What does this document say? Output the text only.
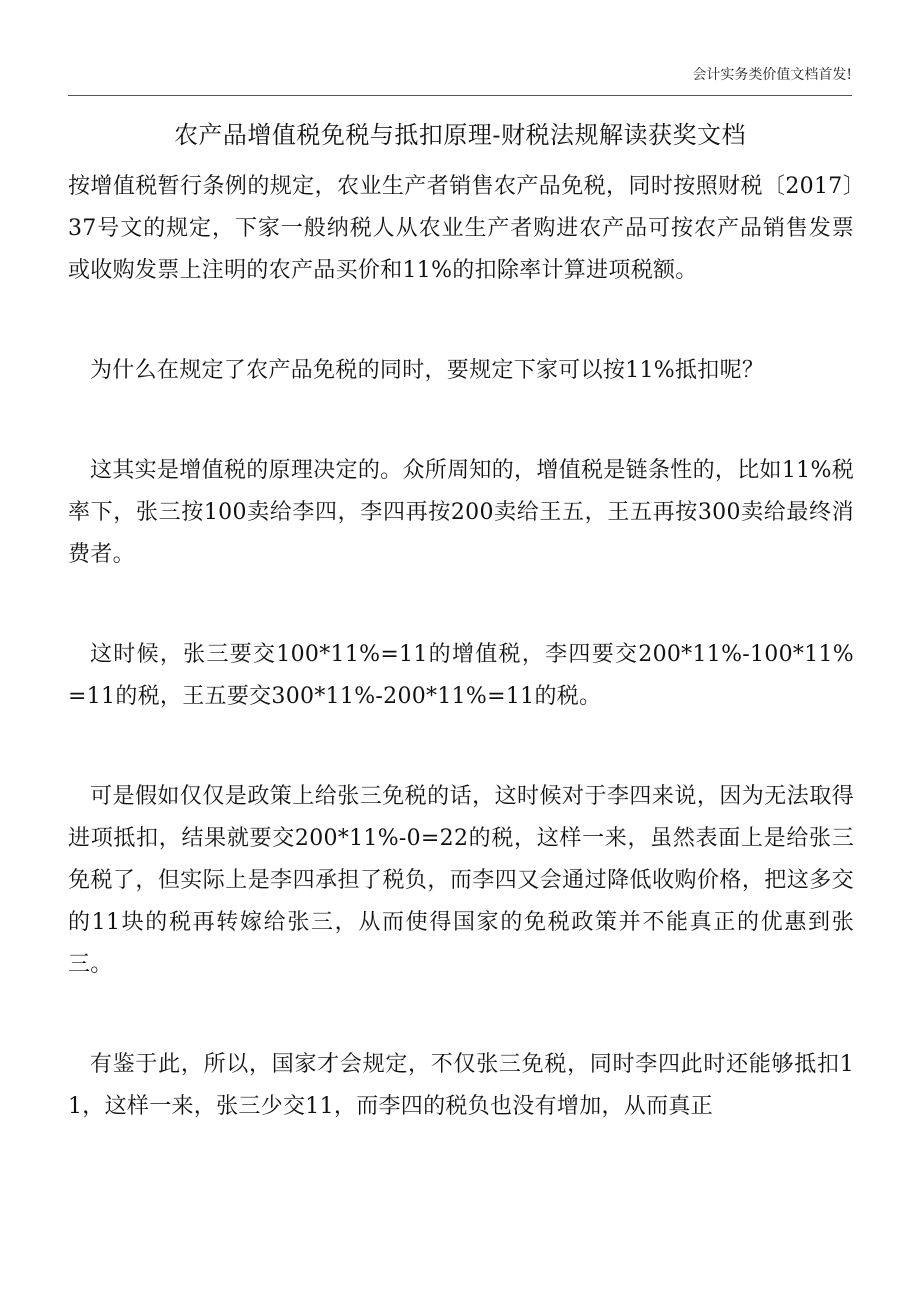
会计实务类价值文档首发!
农产品增值税免税与抵扣原理-财税法规解读获奖文档

按增值税暂行条例的规定，农业生产者销售农产品免税，同时按照财税〔2017〕37号文的规定，下家一般纳税人从农业生产者购进农产品可按农产品销售发票或收购发票上注明的农产品买价和11%的扣除率计算进项税额。

为什么在规定了农产品免税的同时，要规定下家可以按11%抵扣呢？

这其实是增值税的原理决定的。众所周知的，增值税是链条性的，比如11%税率下，张三按100卖给李四，李四再按200卖给王五，王五再按300卖给最终消费者。

这时候，张三要交100*11%=11的增值税，李四要交200*11%-100*11%=11的税，王五要交300*11%-200*11%=11的税。

可是假如仅仅是政策上给张三免税的话，这时候对于李四来说，因为无法取得进项抵扣，结果就要交200*11%-0=22的税，这样一来，虽然表面上是给张三免税了，但实际上是李四承担了税负，而李四又会通过降低收购价格，把这多交的11块的税再转嫁给张三，从而使得国家的免税政策并不能真正的优惠到张三。

有鉴于此，所以，国家才会规定，不仅张三免税，同时李四此时还能够抵扣11，这样一来，张三少交11，而李四的税负也没有增加，从而真正
